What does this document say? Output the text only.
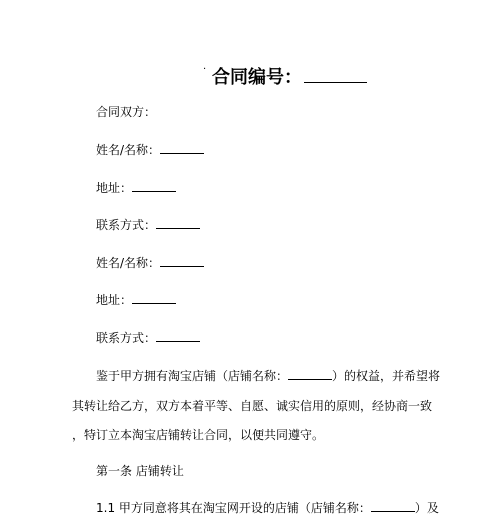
· 合同编号：
合同双方：
姓名/名称：
地址：
联系方式：
姓名/名称：
地址：
联系方式：
鉴于甲方拥有淘宝店铺（店铺名称：	）的权益，并希望将
其转让给乙方，双方本着平等、自愿、诚实信用的原则，经协商一致
，特订立本淘宝店铺转让合同，以便共同遵守。
第一条 店铺转让
1.1 甲方同意将其在淘宝网开设的店铺（店铺名称：	）及
